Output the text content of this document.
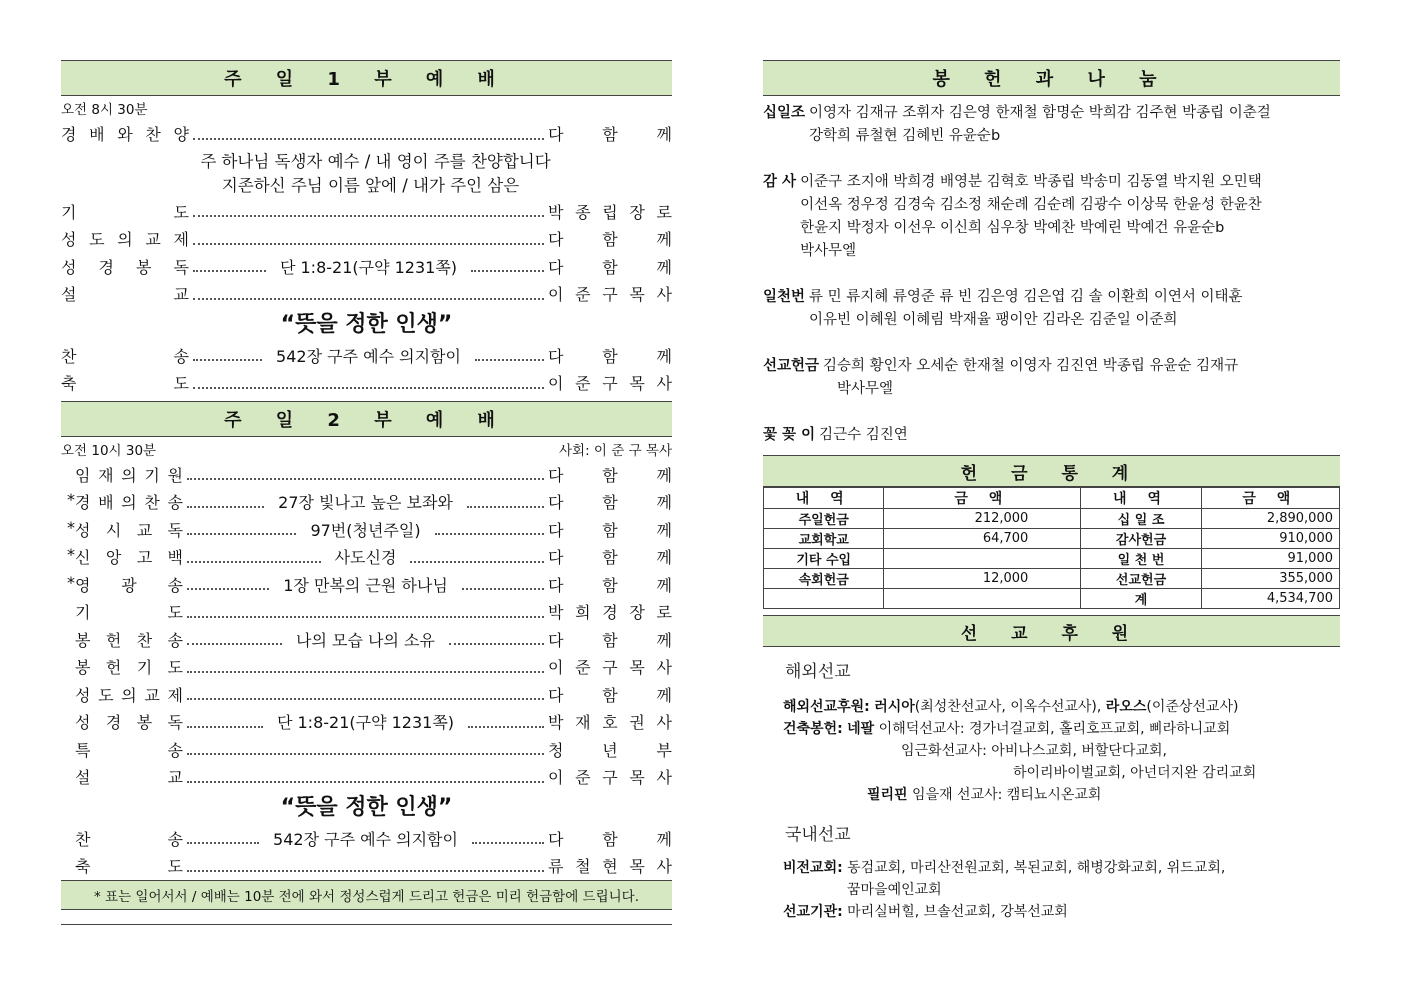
주 일 1 부 예 배
오전 8시 30분
경 배 와 찬 양	다 함 께
주 하나님 독생자 예수 / 내 영이 주를 찬양합니다
지존하신 주님 이름 앞에 / 내가 주인 삼은
기	도	박 종 립 장 로
성 도 의 교 제	다 함 께
성 경 봉 독	단 1:8-21(구약 1231쪽)	다 함 께
설	교	이 준 구 목 사
“뜻을 정한 인생”
찬	송	542장 구주 예수 의지함이	다 함 께
축	도	이 준 구 목 사
주 일 2 부 예 배
오전 10시 30분	사회: 이 준 구 목사
임 재 의 기 원	다 함 께
* 경 배 의 찬 송	27장 빛나고 높은 보좌와	다 함 께
* 성 시 교 독	97번(청년주일)	다 함 께
* 신 앙 고 백	사도신경	다 함 께
* 영 광 송	1장 만복의 근원 하나님	다 함 께
기	도	박 희 경 장 로
봉 헌 찬 송	나의 모습 나의 소유	다 함 께
봉 헌 기 도	이 준 구 목 사
성 도 의 교 제	다 함 께
성 경 봉 독	단 1:8-21(구약 1231쪽)	박 재 호 권 사
특	송	청 년 부
설	교	이 준 구 목 사
“뜻을 정한 인생”
찬	송	542장 구주 예수 의지함이	다 함 께
축	도	류 철 현 목 사
* 표는 일어서서 / 예배는 10분 전에 와서 정성스럽게 드리고 헌금은 미리 헌금함에 드립니다.
봉 헌 과 나 눔
십일조 이영자 김재규 조휘자 김은영 한재철 함명순 박희감 김주현 박종립 이춘걸
강학희 류철현 김혜빈 유윤순b
감 사 이준구 조지애 박희경 배영분 김혁호 박종립 박송미 김동열 박지원 오민택
이선옥 정우정 김경숙 김소정 채순례 김순례 김광수 이상묵 한윤성 한윤찬
한윤지 박정자 이선우 이신희 심우창 박예찬 박예린 박예건 유윤순b
박사무엘
일천번 류 민 류지혜 류영준 류 빈 김은영 김은엽 김 솔 이환희 이연서 이태훈
이유빈 이혜원 이혜림 박재율 팽이안 김라온 김준일 이준희
선교헌금 김승희 황인자 오세순 한재철 이영자 김진연 박종립 유윤순 김재규
박사무엘
꽃 꽂 이 김근수 김진연
헌 금 통 계
내 역	금 액	내 역	금 액
주일헌금	212,000	십 일 조	2,890,000
교회학교	64,700	감사헌금	910,000
기타 수입		일 천 번	91,000
속회헌금	12,000	선교헌금	355,000
		계	4,534,700
선 교 후 원
해외선교
해외선교후원: 러시아(최성찬선교사, 이옥수선교사), 라오스(이준상선교사)
건축봉헌: 네팔 이해덕선교사: 경가너걸교회, 홀리호프교회, 삐라하니교회
임근화선교사: 아비나스교회, 버할단다교회,
하이리바이벌교회, 아넌더지완 감리교회
필리핀 임을재 선교사: 캠티뇨시온교회
국내선교
비전교회: 동검교회, 마리산전원교회, 복된교회, 해병강화교회, 위드교회,
꿈마을예인교회
선교기관: 마리실버힐, 브솔선교회, 강복선교회
